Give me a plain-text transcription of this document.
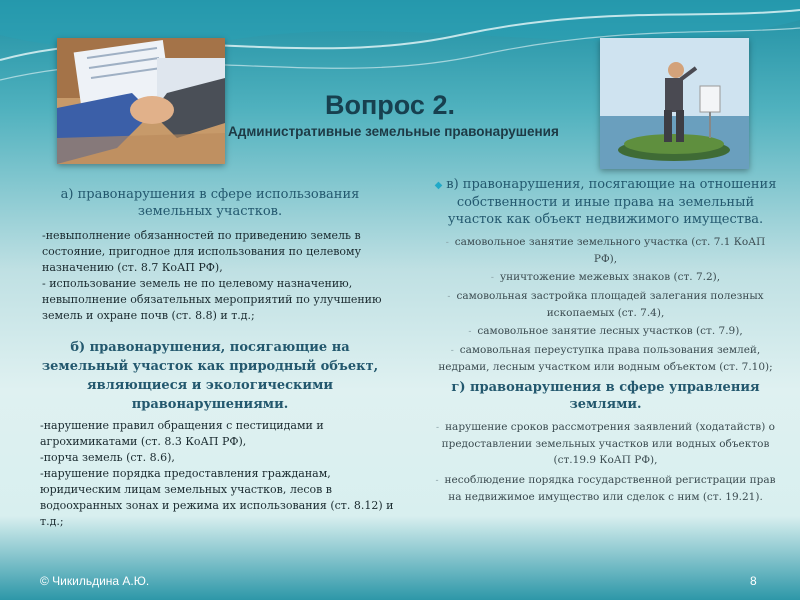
Вопрос 2.
Административные земельные правонарушения

а) правонарушения в сфере использования земельных участков.

-невыполнение обязанностей по приведению земель в состояние, пригодное для использования по целевому назначению (ст. 8.7 КоАП РФ),

- использование земель не по целевому назначению, невыполнение обязательных мероприятий по улучшению земель и охране почв (ст. 8.8) и т.д.;

б) правонарушения, посягающие на земельный участок как природный объект, являющиеся и экологическими правонарушениями.

-нарушение правил обращения с пестицидами и агрохимикатами (ст. 8.3 КоАП РФ),

-порча земель (ст. 8.6),

-нарушение порядка предоставления гражданам, юридическим лицам земельных участков, лесов в водоохранных зонах и режима их использования (ст. 8.12) и т.д.;

◆ в) правонарушения, посягающие на отношения собственности и иные права на земельный участок как объект недвижимого имущества.

- самовольное занятие земельного участка (ст. 7.1 КоАП РФ),

- уничтожение межевых знаков (ст. 7.2),

- самовольная застройка площадей залегания полезных ископаемых (ст. 7.4),

- самовольное занятие лесных участков (ст. 7.9),

- самовольная переуступка права пользования землей, недрами, лесным участком или водным объектом (ст. 7.10);

г) правонарушения в сфере управления землями.

- нарушение сроков рассмотрения заявлений (ходатайств) о предоставлении земельных участков или водных объектов (ст.19.9 КоАП РФ),

- несоблюдение порядка государственной регистрации прав на недвижимое имущество или сделок с ним (ст. 19.21).

© Чикильдина А.Ю.	8
